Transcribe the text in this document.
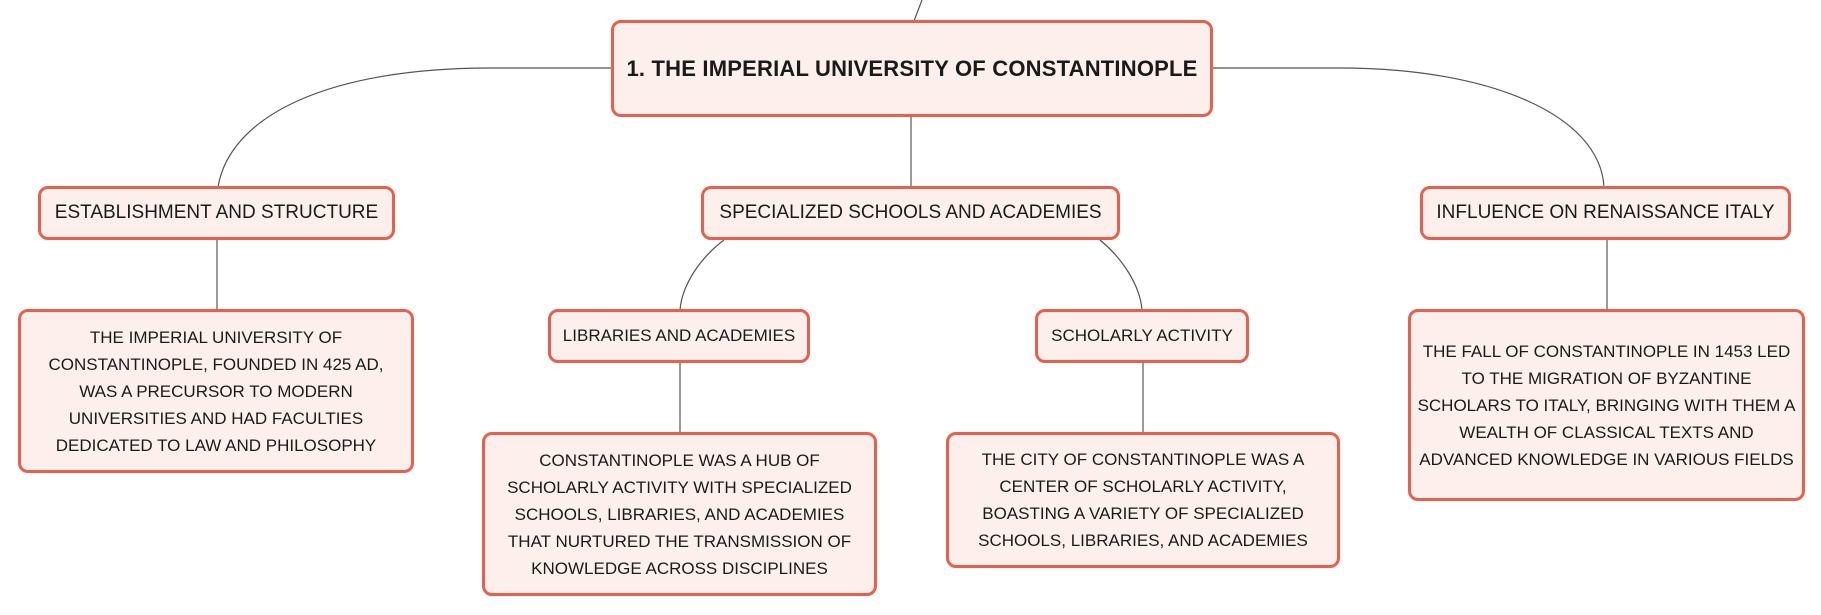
1. THE IMPERIAL UNIVERSITY OF CONSTANTINOPLE
ESTABLISHMENT AND STRUCTURE	SPECIALIZED SCHOOLS AND ACADEMIES	INFLUENCE ON RENAISSANCE ITALY
LIBRARIES AND ACADEMIES	SCHOLARLY ACTIVITY
THE IMPERIAL UNIVERSITY OF CONSTANTINOPLE, FOUNDED IN 425 AD, WAS A PRECURSOR TO MODERN UNIVERSITIES AND HAD FACULTIES DEDICATED TO LAW AND PHILOSOPHY
CONSTANTINOPLE WAS A HUB OF SCHOLARLY ACTIVITY WITH SPECIALIZED SCHOOLS, LIBRARIES, AND ACADEMIES THAT NURTURED THE TRANSMISSION OF KNOWLEDGE ACROSS DISCIPLINES
THE CITY OF CONSTANTINOPLE WAS A CENTER OF SCHOLARLY ACTIVITY, BOASTING A VARIETY OF SPECIALIZED SCHOOLS, LIBRARIES, AND ACADEMIES
THE FALL OF CONSTANTINOPLE IN 1453 LED TO THE MIGRATION OF BYZANTINE SCHOLARS TO ITALY, BRINGING WITH THEM A WEALTH OF CLASSICAL TEXTS AND ADVANCED KNOWLEDGE IN VARIOUS FIELDS
